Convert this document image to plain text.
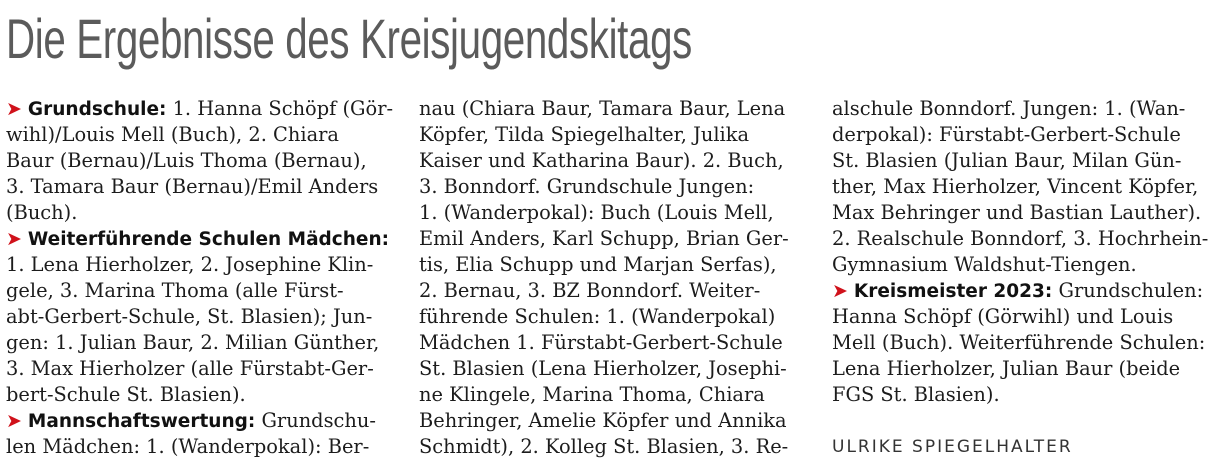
Die Ergebnisse des Kreisjugendskitags
➤ Grundschule: 1. Hanna Schöpf (Gör-
wihl)/Louis Mell (Buch), 2. Chiara
Baur (Bernau)/Luis Thoma (Bernau),
3. Tamara Baur (Bernau)/Emil Anders
(Buch).
➤ Weiterführende Schulen Mädchen:
1. Lena Hierholzer, 2. Josephine Klin-
gele, 3. Marina Thoma (alle Fürst-
abt-Gerbert-Schule, St. Blasien); Jun-
gen: 1. Julian Baur, 2. Milian Günther,
3. Max Hierholzer (alle Fürstabt-Ger-
bert-Schule St. Blasien).
➤ Mannschaftswertung: Grundschu-
len Mädchen: 1. (Wanderpokal): Ber-
nau (Chiara Baur, Tamara Baur, Lena
Köpfer, Tilda Spiegelhalter, Julika
Kaiser und Katharina Baur). 2. Buch,
3. Bonndorf. Grundschule Jungen:
1. (Wanderpokal): Buch (Louis Mell,
Emil Anders, Karl Schupp, Brian Ger-
tis, Elia Schupp und Marjan Serfas),
2. Bernau, 3. BZ Bonndorf. Weiter-
führende Schulen: 1. (Wanderpokal)
Mädchen 1. Fürstabt-Gerbert-Schule
St. Blasien (Lena Hierholzer, Josephi-
ne Klingele, Marina Thoma, Chiara
Behringer, Amelie Köpfer und Annika
Schmidt), 2. Kolleg St. Blasien, 3. Re-
alschule Bonndorf. Jungen: 1. (Wan-
derpokal): Fürstabt-Gerbert-Schule
St. Blasien (Julian Baur, Milan Gün-
ther, Max Hierholzer, Vincent Köpfer,
Max Behringer und Bastian Lauther).
2. Realschule Bonndorf, 3. Hochrhein-
Gymnasium Waldshut-Tiengen.
➤ Kreismeister 2023: Grundschulen:
Hanna Schöpf (Görwihl) und Louis
Mell (Buch). Weiterführende Schulen:
Lena Hierholzer, Julian Baur (beide
FGS St. Blasien).
ULRIKE SPIEGELHALTER
